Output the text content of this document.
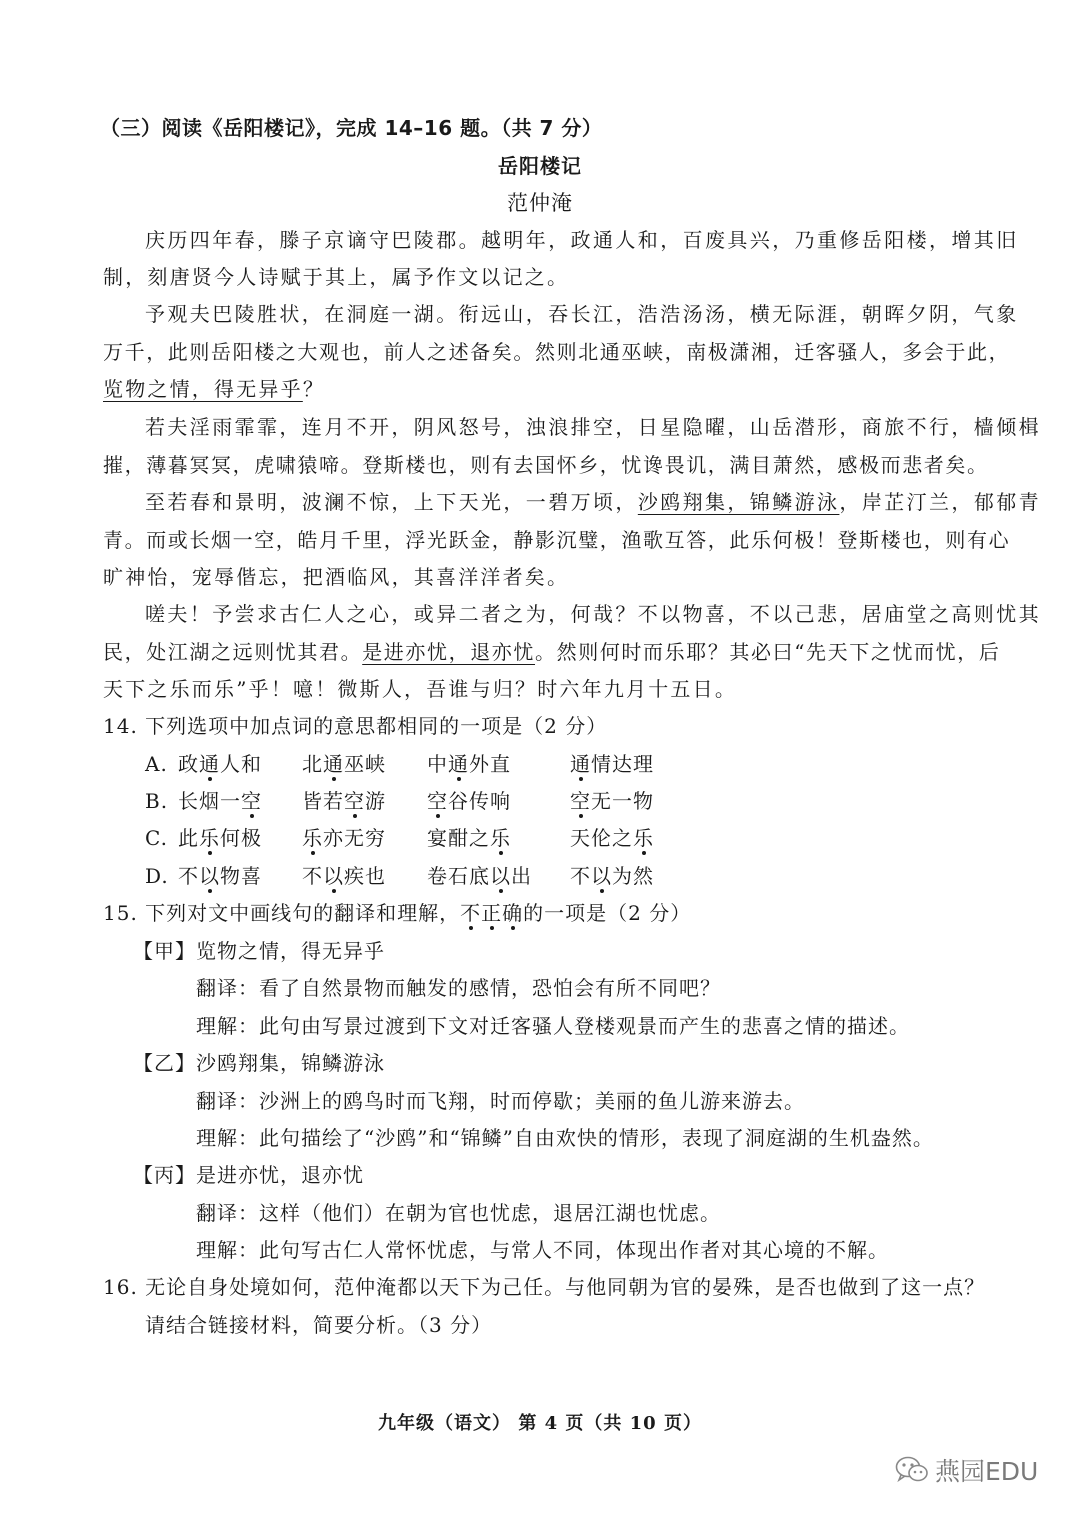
（三）阅读《岳阳楼记》，完成 14–16 题。（共 7 分）
岳阳楼记
范仲淹
庆历四年春，滕子京谪守巴陵郡。越明年，政通人和，百废具兴，乃重修岳阳楼，增其旧
制，刻唐贤今人诗赋于其上，属予作文以记之。
予观夫巴陵胜状，在洞庭一湖。衔远山，吞长江，浩浩汤汤，横无际涯，朝晖夕阴，气象
万千，此则岳阳楼之大观也，前人之述备矣。然则北通巫峡，南极潇湘，迁客骚人，多会于此，
览物之情，得无异乎？
若夫淫雨霏霏，连月不开，阴风怒号，浊浪排空，日星隐曜，山岳潜形，商旅不行，樯倾楫
摧，薄暮冥冥，虎啸猿啼。登斯楼也，则有去国怀乡，忧谗畏讥，满目萧然，感极而悲者矣。
至若春和景明，波澜不惊，上下天光，一碧万顷，沙鸥翔集，锦鳞游泳，岸芷汀兰，郁郁青
青。而或长烟一空，皓月千里，浮光跃金，静影沉璧，渔歌互答，此乐何极！登斯楼也，则有心
旷神怡，宠辱偕忘，把酒临风，其喜洋洋者矣。
嗟夫！予尝求古仁人之心，或异二者之为，何哉？不以物喜，不以己悲，居庙堂之高则忧其
民，处江湖之远则忧其君。是进亦忧，退亦忧。然则何时而乐耶？其必曰“先天下之忧而忧，后
天下之乐而乐”乎！噫！微斯人，吾谁与归？时六年九月十五日。
14. 下列选项中加点词的意思都相同的一项是（2 分）
A. 政通人和 北通巫峡 中通外直	通情达理
B. 长烟一空 皆若空游 空谷传响	空无一物
C. 此乐何极 乐亦无穷 宴酣之乐	天伦之乐
D. 不以物喜 不以疾也 卷石底以出 不以为然
15. 下列对文中画线句的翻译和理解，不正确的一项是（2 分）
【甲】览物之情，得无异乎
翻译：看了自然景物而触发的感情，恐怕会有所不同吧？
理解：此句由写景过渡到下文对迁客骚人登楼观景而产生的悲喜之情的描述。
【乙】沙鸥翔集，锦鳞游泳
翻译：沙洲上的鸥鸟时而飞翔，时而停歇；美丽的鱼儿游来游去。
理解：此句描绘了“沙鸥”和“锦鳞”自由欢快的情形，表现了洞庭湖的生机盎然。
【丙】是进亦忧，退亦忧
翻译：这样（他们）在朝为官也忧虑，退居江湖也忧虑。
理解：此句写古仁人常怀忧虑，与常人不同，体现出作者对其心境的不解。
16. 无论自身处境如何，范仲淹都以天下为己任。与他同朝为官的晏殊，是否也做到了这一点？
请结合链接材料，简要分析。（3 分）
九年级（语文） 第 4 页（共 10 页）
燕园EDU
